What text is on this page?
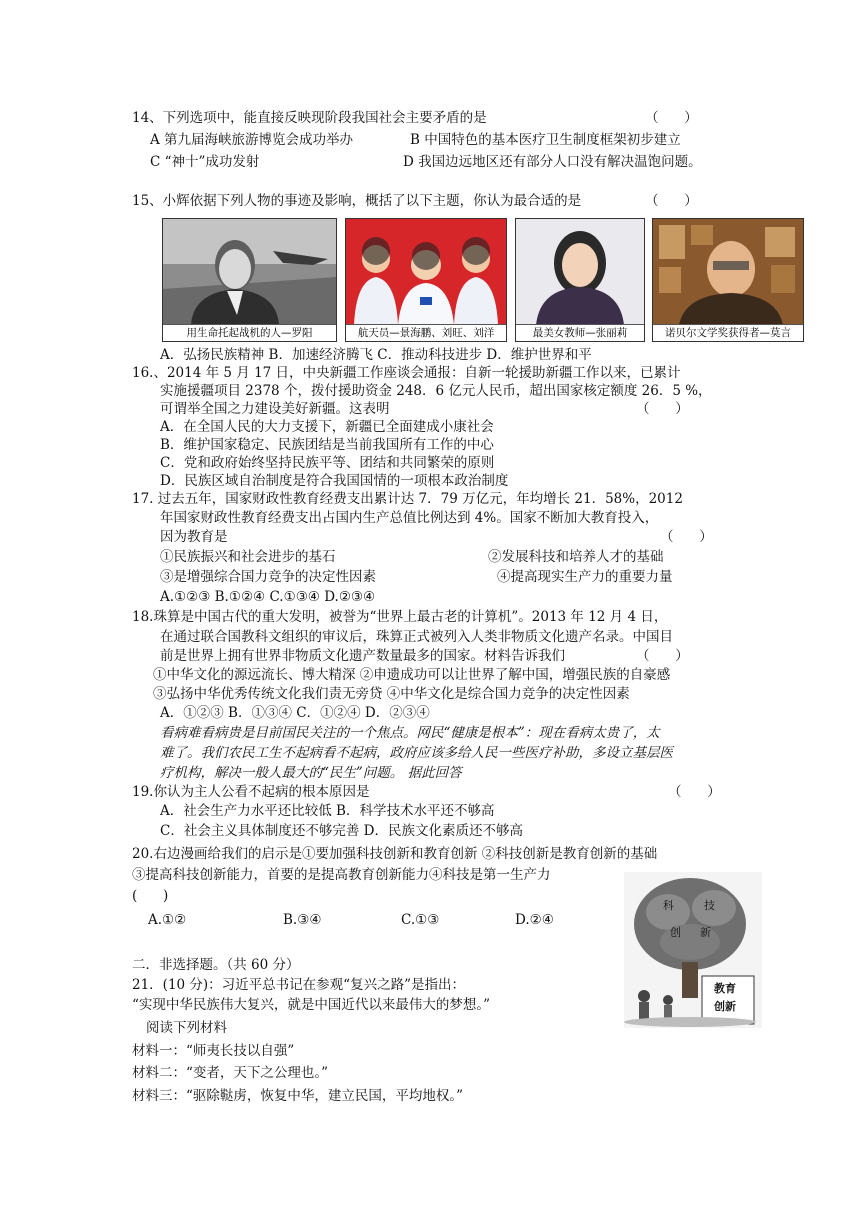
14、下列选项中，能直接反映现阶段我国社会主要矛盾的是	（      ）
A 第九届海峡旅游博览会成功举办	B 中国特色的基本医疗卫生制度框架初步建立
C “神十”成功发射	D 我国边远地区还有部分人口没有解决温饱问题。
15、小辉依据下列人物的事迹及影响，概括了以下主题，你认为最合适的是	（      ）
用生命托起战机的人—罗阳	航天员—景海鹏、刘旺、刘洋	最美女教师—张丽莉	诺贝尔文学奖获得者—莫言
A．弘扬民族精神 B．加速经济腾飞 C．推动科技进步 D．维护世界和平
16.、2014 年 5 月 17 日，中央新疆工作座谈会通报：自新一轮援助新疆工作以来，已累计
实施援疆项目 2378 个，拨付援助资金 248．6 亿元人民币，超出国家核定额度 26．5 %，
可谓举全国之力建设美好新疆。这表明	（      ）
A．在全国人民的大力支援下，新疆已全面建成小康社会
B．维护国家稳定、民族团结是当前我国所有工作的中心
C．党和政府始终坚持民族平等、团结和共同繁荣的原则
D．民族区域自治制度是符合我国国情的一项根本政治制度
17. 过去五年，国家财政性教育经费支出累计达 7．79 万亿元，年均增长 21．58%，2012
年国家财政性教育经费支出占国内生产总值比例达到 4%。国家不断加大教育投入，
因为教育是	（      ）
①民族振兴和社会进步的基石	②发展科技和培养人才的基础
③是增强综合国力竞争的决定性因素	④提高现实生产力的重要力量
A.①②③ B.①②④ C.①③④ D.②③④
18.珠算是中国古代的重大发明，被誉为“世界上最古老的计算机”。2013 年 12 月 4 日，
在通过联合国教科文组织的审议后，珠算正式被列入人类非物质文化遗产名录。中国目
前是世界上拥有世界非物质文化遗产数量最多的国家。材料告诉我们	（      ）
①中华文化的源远流长、博大精深 ②申遗成功可以让世界了解中国，增强民族的自豪感
③弘扬中华优秀传统文化我们责无旁贷 ④中华文化是综合国力竞争的决定性因素
A．①②③ B．①③④ C．①②④ D．②③④
看病难看病贵是目前国民关注的一个焦点。网民“健康是根本”：现在看病太贵了，太
难了。我们农民工生不起病看不起病，政府应该多给人民一些医疗补助，多设立基层医
疗机构，解决一般人最大的“民生”问题。 据此回答
19.你认为主人公看不起病的根本原因是	（      ）
A．社会生产力水平还比较低 B．科学技术水平还不够高
C．社会主义具体制度还不够完善 D．民族文化素质还不够高
20.右边漫画给我们的启示是①要加强科技创新和教育创新 ②科技创新是教育创新的基础
③提高科技创新能力，首要的是提高教育创新能力④科技是第一生产力
(      )
A.①②	B.③④	C.①③	D.②④
科	技
创 新
教育
创新
二．非选择题。（共 60 分）
21．(10 分)：习近平总书记在参观“复兴之路”是指出：
“实现中华民族伟大复兴，就是中国近代以来最伟大的梦想。”
阅读下列材料
材料一：“师夷长技以自强”
材料二：“变者，天下之公理也。”
材料三：“驱除鞑虏，恢复中华，建立民国，平均地权。”
